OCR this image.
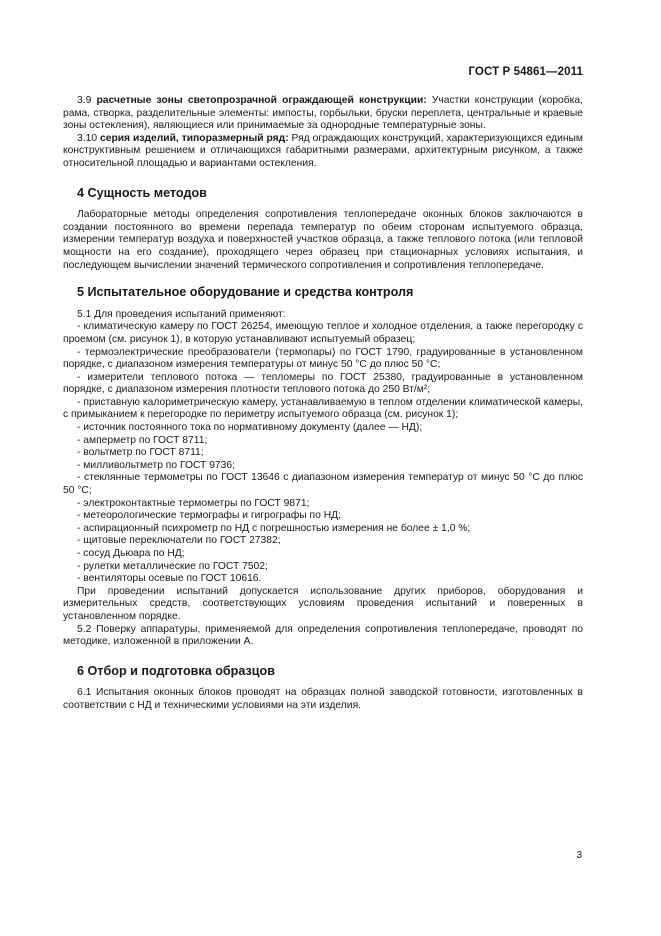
ГОСТ Р 54861—2011

3.9 расчетные зоны светопрозрачной ограждающей конструкции: Участки конструкции (коробка, рама, створка, разделительные элементы: импосты, горбыльки, бруски переплета, центральные и краевые зоны остекления), являющиеся или принимаемые за однородные температурные зоны.

3.10 серия изделий, типоразмерный ряд: Ряд ограждающих конструкций, характеризующихся единым конструктивным решением и отличающихся габаритными размерами, архитектурным рисунком, а также относительной площадью и вариантами остекления.

4 Сущность методов

Лабораторные методы определения сопротивления теплопередаче оконных блоков заключаются в создании постоянного во времени перепада температур по обеим сторонам испытуемого образца, измерении температур воздуха и поверхностей участков образца, а также теплового потока (или тепловой мощности на его создание), проходящего через образец при стационарных условиях испытания, и последующем вычислении значений термического сопротивления и сопротивления теплопередаче.

5 Испытательное оборудование и средства контроля

5.1 Для проведения испытаний применяют:

- климатическую камеру по ГОСТ 26254, имеющую теплое и холодное отделения, а также перегородку с проемом (см. рисунок 1), в которую устанавливают испытуемый образец;

- термоэлектрические преобразователи (термопары) по ГОСТ 1790, градуированные в установленном порядке, с диапазоном измерения температуры от минус 50 °С до плюс 50 °С;

- измерители теплового потока — тепломеры по ГОСТ 25380, градуированные в установленном порядке, с диапазоном измерения плотности теплового потока до 250 Вт/м²;

- приставную калориметрическую камеру, устанавливаемую в теплом отделении климатической камеры, с примыканием к перегородке по периметру испытуемого образца (см. рисунок 1);

- источник постоянного тока по нормативному документу (далее — НД);

- амперметр по ГОСТ 8711;

- вольтметр по ГОСТ 8711;

- милливольтметр по ГОСТ 9736;

- стеклянные термометры по ГОСТ 13646 с диапазоном измерения температур от минус 50 °С до плюс 50 °С;

- электроконтактные термометры по ГОСТ 9871;

- метеорологические термографы и гигрографы по НД;

- аспирационный психрометр по НД с погрешностью измерения не более ± 1,0 %;

- щитовые переключатели по ГОСТ 27382;

- сосуд Дьюара по НД;

- рулетки металлические по ГОСТ 7502;

- вентиляторы осевые по ГОСТ 10616.

При проведении испытаний допускается использование других приборов, оборудования и измерительных средств, соответствующих условиям проведения испытаний и поверенных в установленном порядке.

5.2 Поверку аппаратуры, применяемой для определения сопротивления теплопередаче, проводят по методике, изложенной в приложении А.

6 Отбор и подготовка образцов

6.1 Испытания оконных блоков проводят на образцах полной заводской готовности, изготовленных в соответствии с НД и техническими условиями на эти изделия.

3
